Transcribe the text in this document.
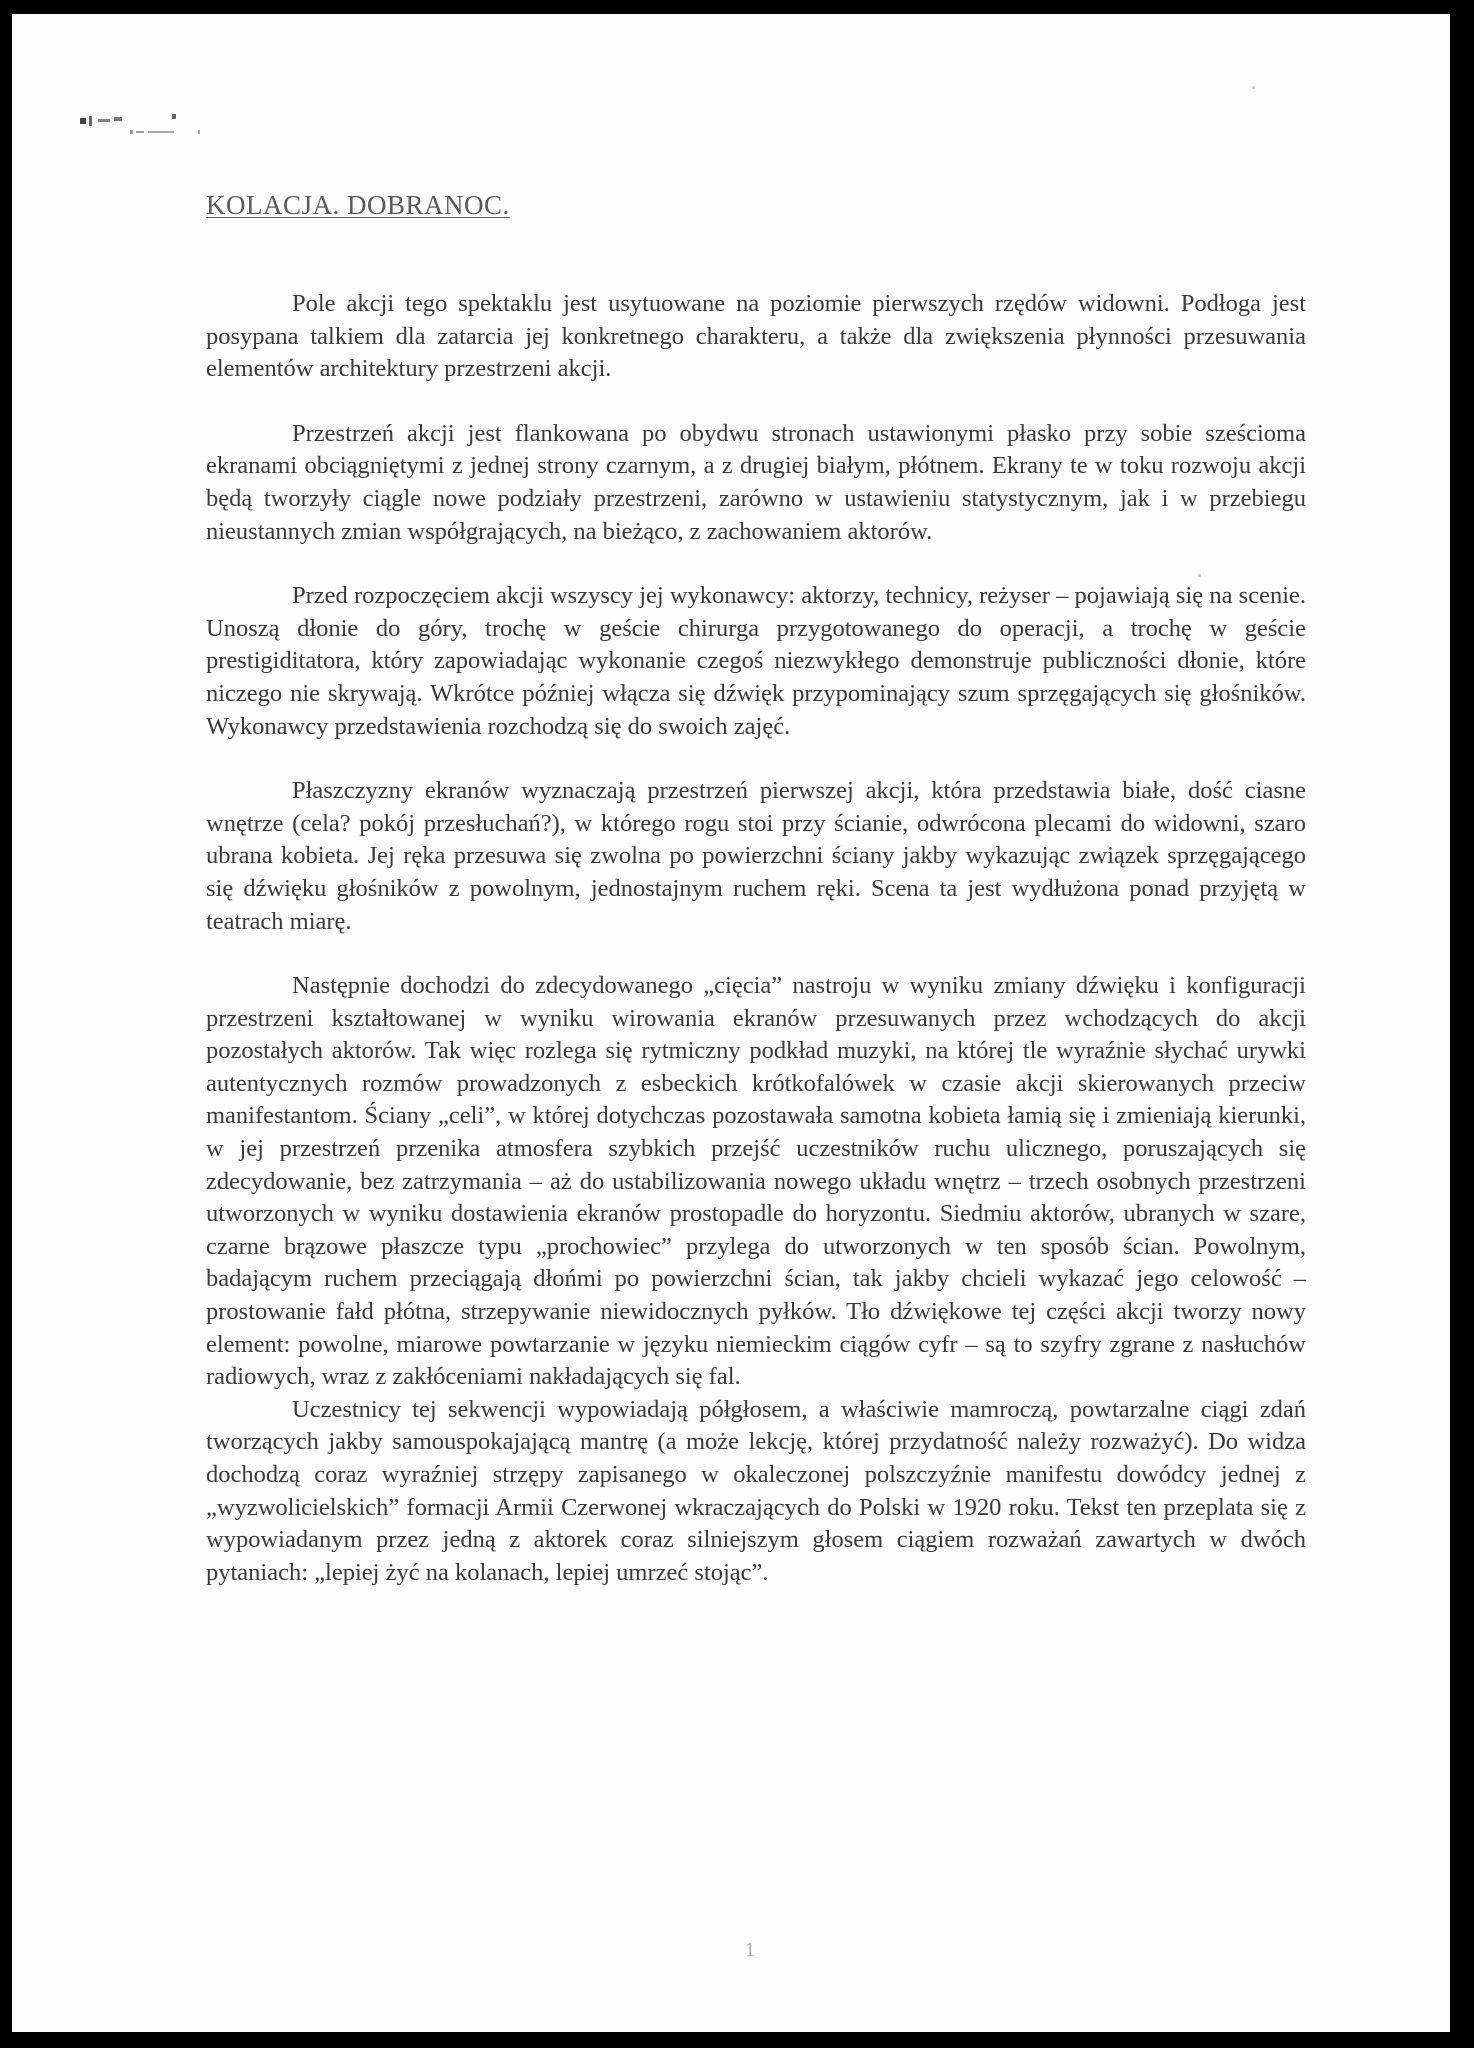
KOLACJA. DOBRANOC.

Pole akcji tego spektaklu jest usytuowane na poziomie pierwszych rzędów widowni. Podłoga jest posypana talkiem dla zatarcia jej konkretnego charakteru, a także dla zwiększenia płynności przesuwania elementów architektury przestrzeni akcji.

Przestrzeń akcji jest flankowana po obydwu stronach ustawionymi płasko przy sobie sześcioma ekranami obciągniętymi z jednej strony czarnym, a z drugiej białym, płótnem. Ekrany te w toku rozwoju akcji będą tworzyły ciągle nowe podziały przestrzeni, zarówno w ustawieniu statystycznym, jak i w przebiegu nieustannych zmian współgrających, na bieżąco, z zachowaniem aktorów.

Przed rozpoczęciem akcji wszyscy jej wykonawcy: aktorzy, technicy, reżyser – pojawiają się na scenie. Unoszą dłonie do góry, trochę w geście chirurga przygotowanego do operacji, a trochę w geście prestigiditatora, który zapowiadając wykonanie czegoś niezwykłego demonstruje publiczności dłonie, które niczego nie skrywają. Wkrótce później włącza się dźwięk przypominający szum sprzęgających się głośników. Wykonawcy przedstawienia rozchodzą się do swoich zajęć.

Płaszczyzny ekranów wyznaczają przestrzeń pierwszej akcji, która przedstawia białe, dość ciasne wnętrze (cela? pokój przesłuchań?), w którego rogu stoi przy ścianie, odwrócona plecami do widowni, szaro ubrana kobieta. Jej ręka przesuwa się zwolna po powierzchni ściany jakby wykazując związek sprzęgającego się dźwięku głośników z powolnym, jednostajnym ruchem ręki. Scena ta jest wydłużona ponad przyjętą w teatrach miarę.

Następnie dochodzi do zdecydowanego „cięcia” nastroju w wyniku zmiany dźwięku i konfiguracji przestrzeni kształtowanej w wyniku wirowania ekranów przesuwanych przez wchodzących do akcji pozostałych aktorów. Tak więc rozlega się rytmiczny podkład muzyki, na której tle wyraźnie słychać urywki autentycznych rozmów prowadzonych z esbeckich krótkofalówek w czasie akcji skierowanych przeciw manifestantom. Ściany „celi”, w której dotychczas pozostawała samotna kobieta łamią się i zmieniają kierunki, w jej przestrzeń przenika atmosfera szybkich przejść uczestników ruchu ulicznego, poruszających się zdecydowanie, bez zatrzymania – aż do ustabilizowania nowego układu wnętrz – trzech osobnych przestrzeni utworzonych w wyniku dostawienia ekranów prostopadle do horyzontu. Siedmiu aktorów, ubranych w szare, czarne brązowe płaszcze typu „prochowiec” przylega do utworzonych w ten sposób ścian. Powolnym, badającym ruchem przeciągają dłońmi po powierzchni ścian, tak jakby chcieli wykazać jego celowość – prostowanie fałd płótna, strzepywanie niewidocznych pyłków. Tło dźwiękowe tej części akcji tworzy nowy element: powolne, miarowe powtarzanie w języku niemieckim ciągów cyfr – są to szyfry zgrane z nasłuchów radiowych, wraz z zakłóceniami nakładających się fal.

Uczestnicy tej sekwencji wypowiadają półgłosem, a właściwie mamroczą, powtarzalne ciągi zdań tworzących jakby samouspokajającą mantrę (a może lekcję, której przydatność należy rozważyć). Do widza dochodzą coraz wyraźniej strzępy zapisanego w okaleczonej polszczyźnie manifestu dowódcy jednej z „wyzwolicielskich” formacji Armii Czerwonej wkraczających do Polski w 1920 roku. Tekst ten przeplata się z wypowiadanym przez jedną z aktorek coraz silniejszym głosem ciągiem rozważań zawartych w dwóch pytaniach: „lepiej żyć na kolanach, lepiej umrzeć stojąc”.

1
